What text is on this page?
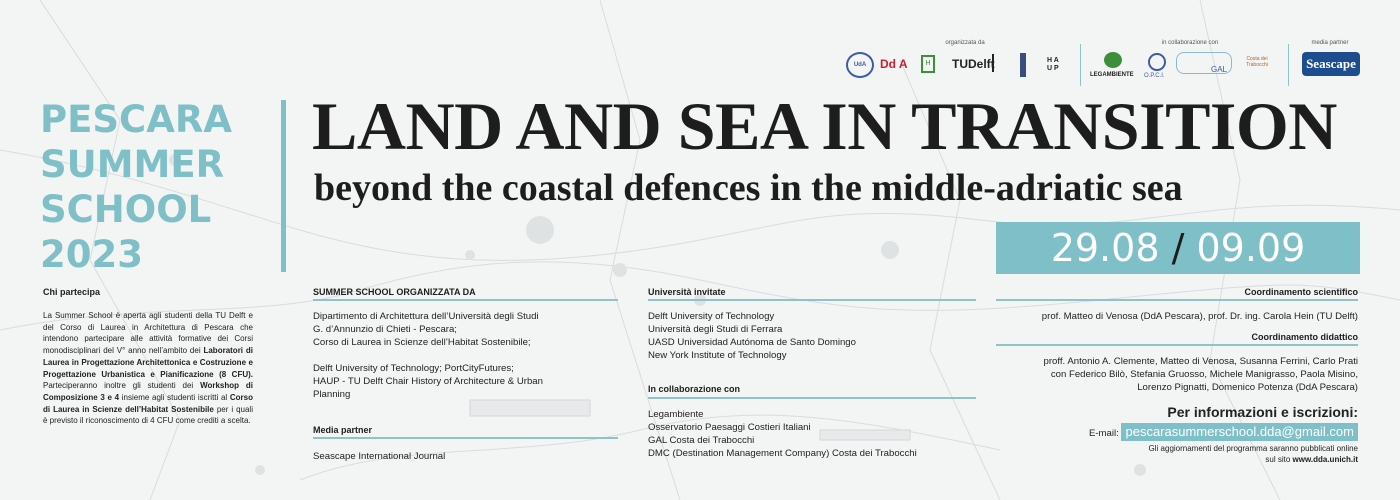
organizzata da	in collaborazione con	media partner
UdA	Dd A	H	TUDelft	H A U P
LEGAMBIENTE O.P.C.I.
GAL
Costa dei Trabocchi	Seascape
PESCARA
SUMMER
SCHOOL
2023
LAND AND SEA IN TRANSITION
beyond the coastal defences in the middle-adriatic sea
29.08 / 09.09
Chi partecipa
La Summer School è aperta agli studenti della TU Delft e del Corso di Laurea in Architettura di Pescara che intendono partecipare alle attività formative dei Corsi monodisciplinari del V° anno nell’ambito dei Laboratori di Laurea in Progettazione Architettonica e Costruzione e Progettazione Urbanistica e Pianificazione (8 CFU). Parteciperanno inoltre gli studenti dei Workshop di Composizione 3 e 4 insieme agli studenti iscritti al Corso di Laurea in Scienze dell’Habitat Sostenibile per i quali è previsto il riconoscimento di 4 CFU come crediti a scelta.
SUMMER SCHOOL ORGANIZZATA DA
Dipartimento di Architettura dell’Università degli Studi
G. d’Annunzio di Chieti - Pescara;
Corso di Laurea in Scienze dell’Habitat Sostenibile;
Delft University of Technology; PortCityFutures;
HAUP - TU Delft Chair History of Architecture & Urban
Planning
Media partner
Seascape International Journal
Università invitate
Delft University of Technology
Università degli Studi di Ferrara
UASD Universidad Autónoma de Santo Domingo
New York Institute of Technology
In collaborazione con
Legambiente
Osservatorio Paesaggi Costieri Italiani
GAL Costa dei Trabocchi
DMC (Destination Management Company) Costa dei Trabocchi
Coordinamento scientifico
prof. Matteo di Venosa (DdA Pescara), prof. Dr. ing. Carola Hein (TU Delft)
Coordinamento didattico
proff. Antonio A. Clemente, Matteo di Venosa, Susanna Ferrini, Carlo Prati
con Federico Bilò, Stefania Gruosso, Michele Manigrasso, Paola Misino,
Lorenzo Pignatti, Domenico Potenza (DdA Pescara)
Per informazioni e iscrizioni:
E-mail: pescarasummerschool.dda@gmail.com
Gli aggiornamenti del programma saranno pubblicati online
sul sito www.dda.unich.it
